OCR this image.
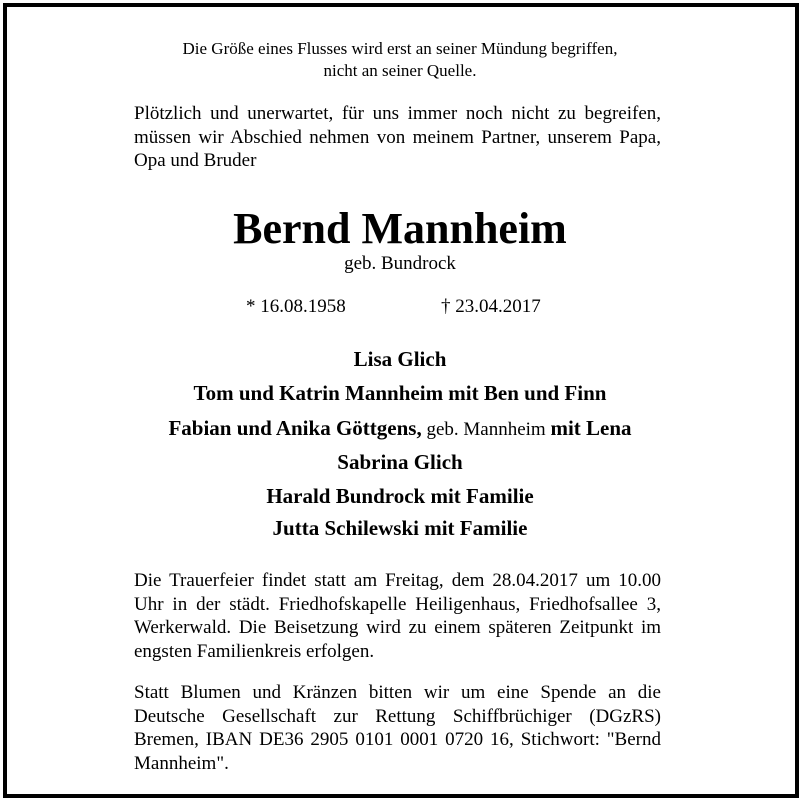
Die Größe eines Flusses wird erst an seiner Mündung begriffen,
nicht an seiner Quelle.
Plötzlich und unerwartet, für uns immer noch nicht zu begreifen, müssen wir Abschied nehmen von meinem Partner, unserem Papa, Opa und Bruder
Bernd Mannheim
geb. Bundrock
* 16.08.1958	† 23.04.2017
Lisa Glich
Tom und Katrin Mannheim mit Ben und Finn
Fabian und Anika Göttgens, geb. Mannheim mit Lena
Sabrina Glich
Harald Bundrock mit Familie
Jutta Schilewski mit Familie
Die Trauerfeier findet statt am Freitag, dem 28.04.2017 um 10.00 Uhr in der städt. Friedhofskapelle Heiligenhaus, Friedhofsallee 3, Werkerwald. Die Beisetzung wird zu einem späteren Zeitpunkt im engsten Familienkreis erfolgen.
Statt Blumen und Kränzen bitten wir um eine Spende an die Deutsche Gesellschaft zur Rettung Schiffbrüchiger (DGzRS) Bremen, IBAN DE36 2905 0101 0001 0720 16, Stichwort: "Bernd Mannheim".
